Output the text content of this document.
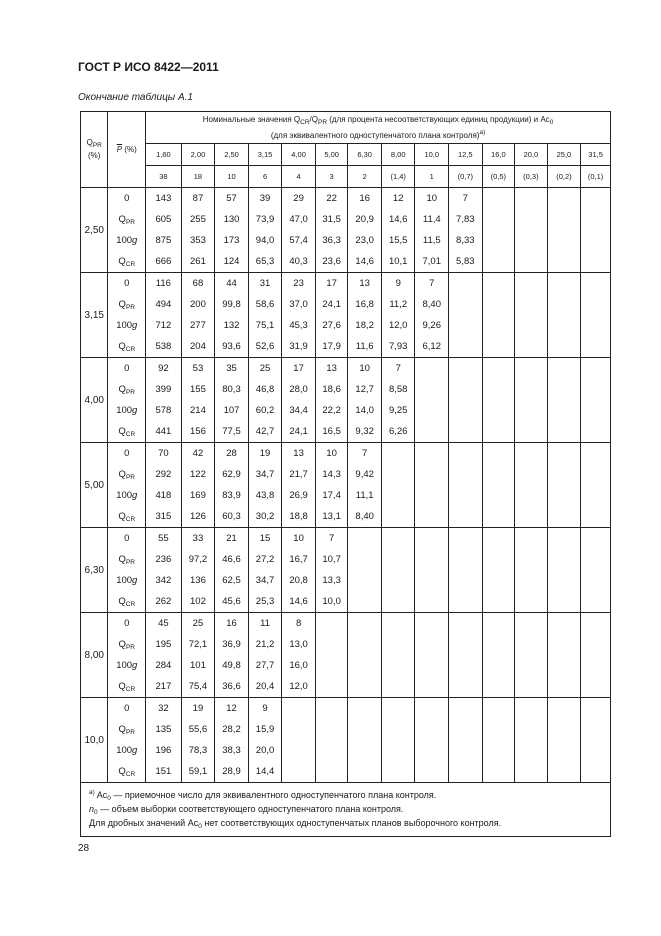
ГОСТ Р ИСО 8422—2011
Окончание таблицы А.1
$Q_{PR}$
(%)	$\overline{P}$ (%)	Номинальные значения $Q_{CR}/Q_{PR}$ (для процента несоответствующих единиц продукции) и $Ac_0$
(для эквивалентного одноступенчатого плана контроля)$^{a)}$
		1,60	2,00	2,50	3,15	4,00	5,00	6,30	8,00	10,0	12,5	16,0	20,0	25,0	31,5
		38	18	10	6	4	3	2	(1,4)	1	(0,7)	(0,5)	(0,3)	(0,2)	(0,1)
2,50	0	143	87	57	39	29	22	16	12	10	7				
	$Q_{PR}$	605	255	130	73,9	47,0	31,5	20,9	14,6	11,4	7,83				
	100g	875	353	173	94,0	57,4	36,3	23,0	15,5	11,5	8,33				
	$Q_{CR}$	666	261	124	65,3	40,3	23,6	14,6	10,1	7,01	5,83				
3,15	0	116	68	44	31	23	17	13	9	7					
	$Q_{PR}$	494	200	99,8	58,6	37,0	24,1	16,8	11,2	8,40					
	100g	712	277	132	75,1	45,3	27,6	18,2	12,0	9,26					
	$Q_{CR}$	538	204	93,6	52,6	31,9	17,9	11,6	7,93	6,12					
4,00	0	92	53	35	25	17	13	10	7						
	$Q_{PR}$	399	155	80,3	46,8	28,0	18,6	12,7	8,58						
	100g	578	214	107	60,2	34,4	22,2	14,0	9,25						
	$Q_{CR}$	441	156	77,5	42,7	24,1	16,5	9,32	6,26						
5,00	0	70	42	28	19	13	10	7							
	$Q_{PR}$	292	122	62,9	34,7	21,7	14,3	9,42							
	100g	418	169	83,9	43,8	26,9	17,4	11,1							
	$Q_{CR}$	315	126	60,3	30,2	18,8	13,1	8,40							
6,30	0	55	33	21	15	10	7								
	$Q_{PR}$	236	97,2	46,6	27,2	16,7	10,7								
	100g	342	136	62,5	34,7	20,8	13,3								
	$Q_{CR}$	262	102	45,6	25,3	14,6	10,0								
8,00	0	45	25	16	11	8									
	$Q_{PR}$	195	72,1	36,9	21,2	13,0									
	100g	284	101	49,8	27,7	16,0									
	$Q_{CR}$	217	75,4	36,6	20,4	12,0									
10,0	0	32	19	12	9										
	$Q_{PR}$	135	55,6	28,2	15,9										
	100g	196	78,3	38,3	20,0										
	$Q_{CR}$	151	59,1	28,9	14,4										

$^{a)}$ $Ac_0$ — приемочное число для эквивалентного одноступенчатого плана контроля.
$n_0$ — объем выборки соответствующего одноступенчатого плана контроля.
Для дробных значений $Ac_0$ нет соответствующих одноступенчатых планов выборочного контроля.															
28
